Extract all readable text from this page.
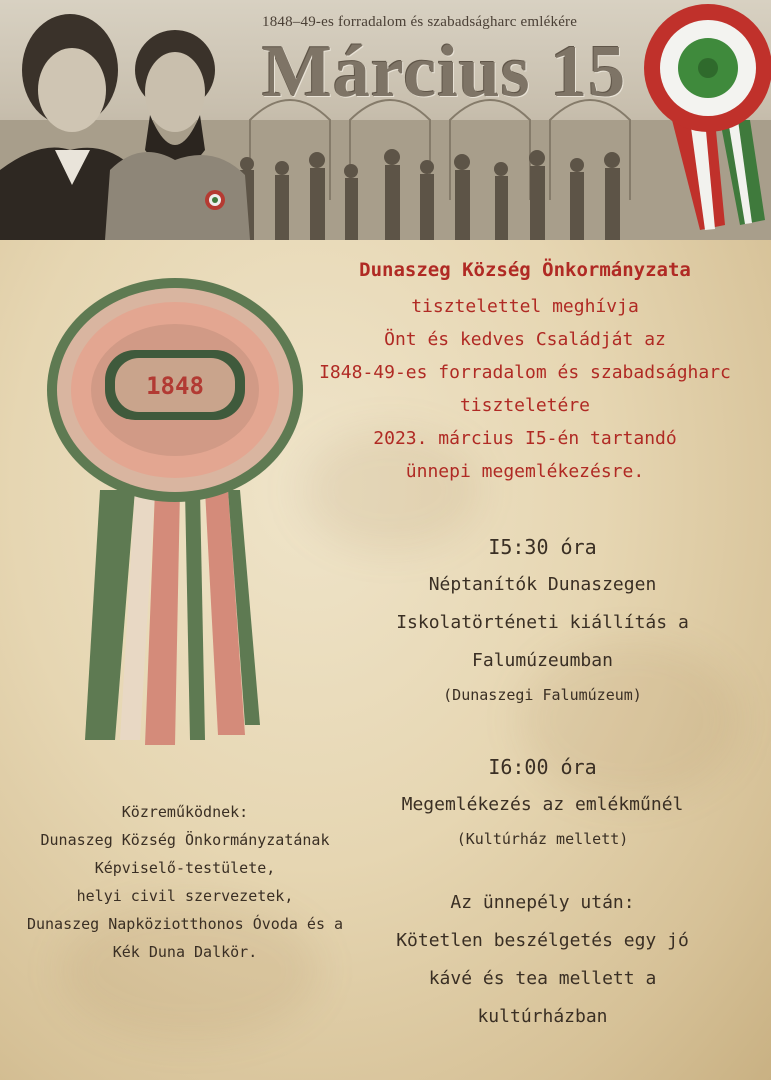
1848–49-es forradalom és szabadságharc emlékére
Március 15
1848
Dunaszeg Község Önkormányzata
tisztelettel meghívja
Önt és kedves Családját az
I848-49-es forradalom és szabadságharc
tiszteletére
2023. március I5-én tartandó
ünnepi megemlékezésre.
I5:30 óra
Néptanítók Dunaszegen
Iskolatörténeti kiállítás a
Falumúzeumban
(Dunaszegi Falumúzeum)
I6:00 óra
Megemlékezés az emlékműnél
(Kultúrház mellett)
Az ünnepély után:
Kötetlen beszélgetés egy jó
kávé és tea mellett a
kultúrházban
Közreműködnek:
Dunaszeg Község Önkormányzatának
Képviselő-testülete,
helyi civil szervezetek,
Dunaszeg Napköziotthonos Óvoda és a
Kék Duna Dalkör.
